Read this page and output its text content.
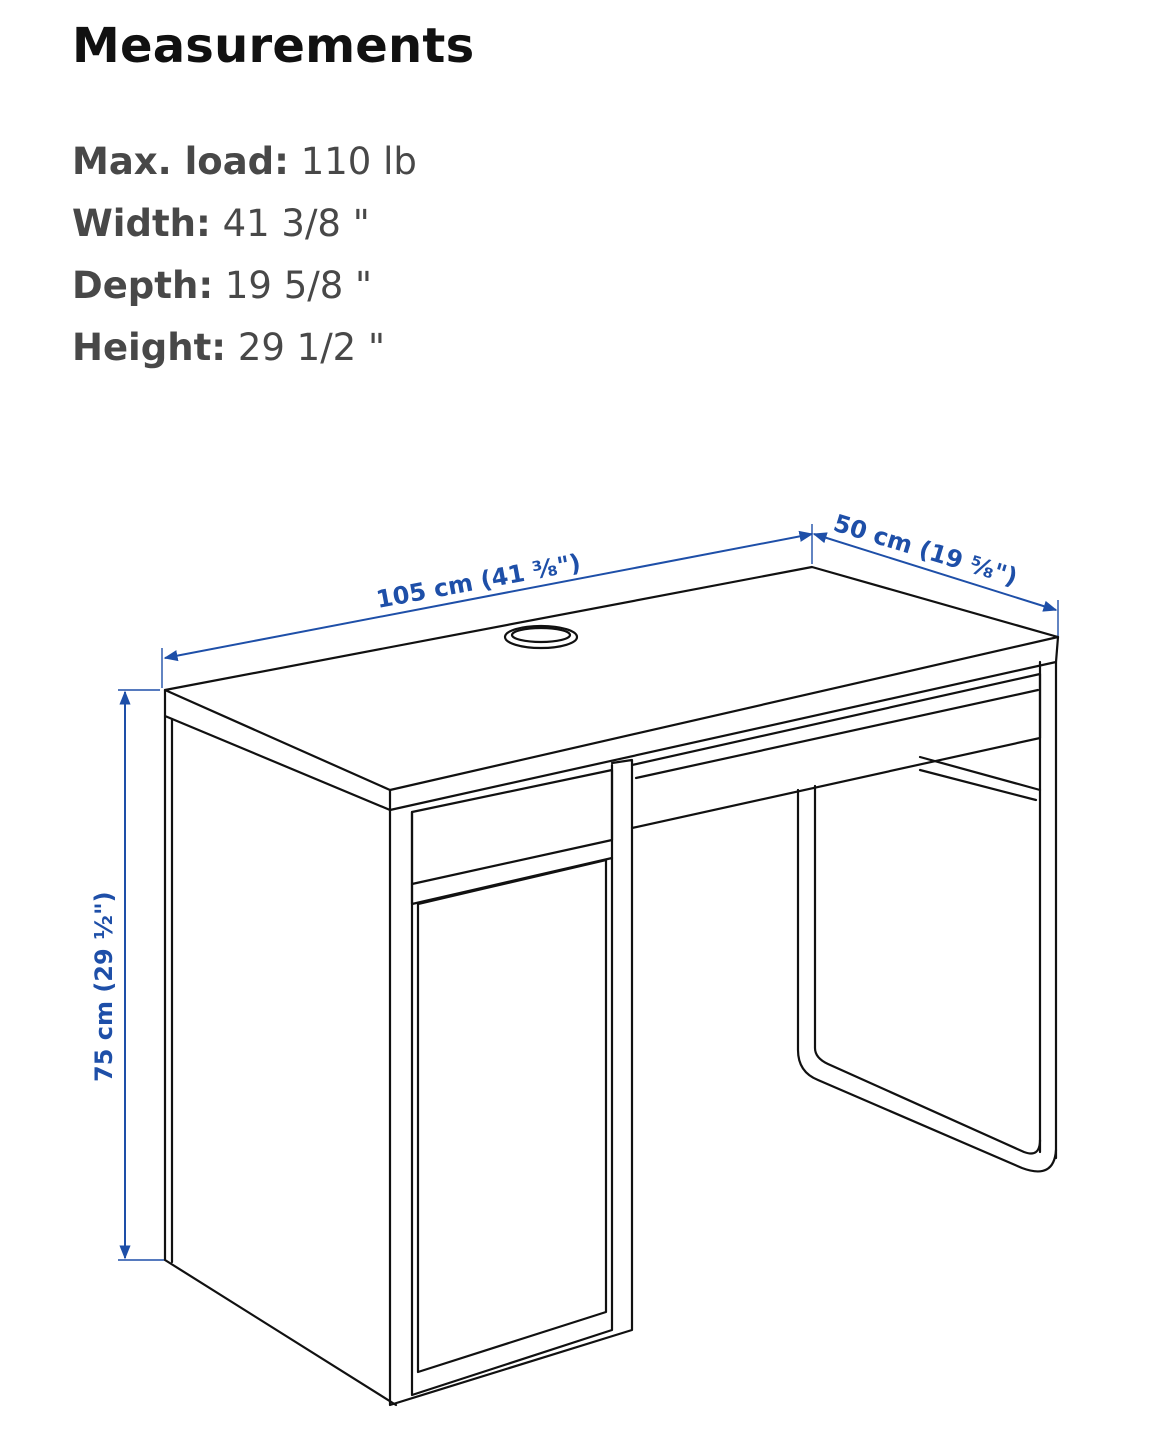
Measurements
Max. load: 110 lb
Width: 41 3/8 "
Depth: 19 5/8 "
Height: 29 1/2 "
105 cm (41 ³⁄₈")	50 cm (19 ⁵⁄₈")
75 cm (29 ¹⁄₂")
